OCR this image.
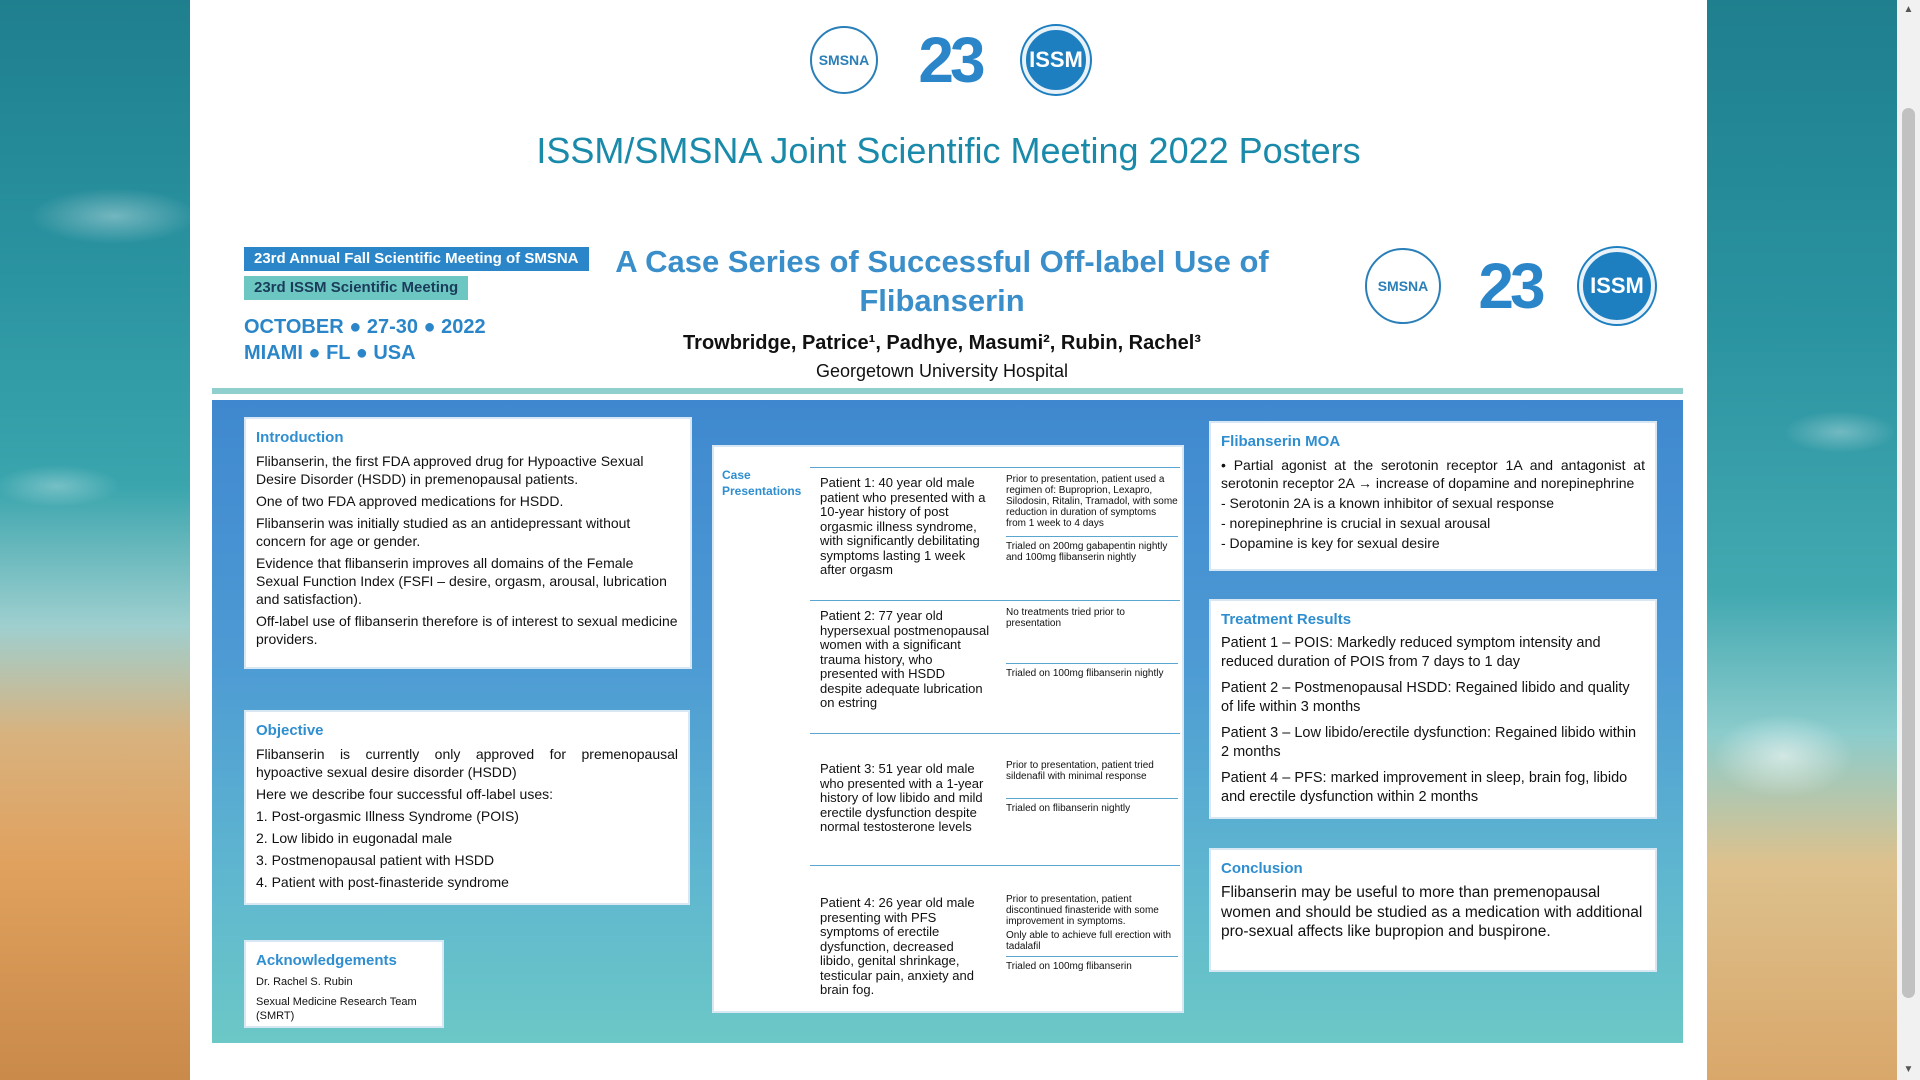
SMSNA 23	ISSM
ISSM/SMSNA Joint Scientific Meeting 2022 Posters
23rd Annual Fall Scientific Meeting of SMSNA
23rd ISSM Scientific Meeting
OCTOBER ● 27-30 ● 2022
MIAMI ● FL ● USA
A Case Series of Successful Off-label Use of Flibanserin
Trowbridge, Patrice¹, Padhye, Masumi², Rubin, Rachel³
Georgetown University Hospital
SMSNA 23	ISSM
Introduction

Flibanserin, the first FDA approved drug for Hypoactive Sexual Desire Disorder (HSDD) in premenopausal patients.

One of two FDA approved medications for HSDD.

Flibanserin was initially studied as an antidepressant without concern for age or gender.

Evidence that flibanserin improves all domains of the Female Sexual Function Index (FSFI – desire, orgasm, arousal, lubrication and satisfaction).

Off-label use of flibanserin therefore is of interest to sexual medicine providers.

Objective

Flibanserin is currently only approved for premenopausal hypoactive sexual desire disorder (HSDD)

Here we describe four successful off-label uses:

1. Post-orgasmic Illness Syndrome (POIS)

2. Low libido in eugonadal male

3. Postmenopausal patient with HSDD

4. Patient with post-finasteride syndrome

Acknowledgements

Dr. Rachel S. Rubin

Sexual Medicine Research Team (SMRT)

Case Presentations
Patient 1: 40 year old male patient who presented with a 10-year history of post orgasmic illness syndrome, with significantly debilitating symptoms lasting 1 week after orgasm
Prior to presentation, patient used a regimen of: Buproprion, Lexapro, Silodosin, Ritalin, Tramadol, with some reduction in duration of symptoms from 1 week to 4 days
Trialed on 200mg gabapentin nightly and 100mg flibanserin nightly
Patient 2: 77 year old hypersexual postmenopausal women with a significant trauma history, who presented with HSDD despite adequate lubrication on estring
No treatments tried prior to presentation
Trialed on 100mg flibanserin nightly
Patient 3: 51 year old male who presented with a 1-year history of low libido and mild erectile dysfunction despite normal testosterone levels
Prior to presentation, patient tried sildenafil with minimal response
Trialed on flibanserin nightly
Patient 4: 26 year old male presenting with PFS symptoms of erectile dysfunction, decreased libido, genital shrinkage, testicular pain, anxiety and brain fog.
Prior to presentation, patient discontinued finasteride with some improvement in symptoms.
Only able to achieve full erection with tadalafil
Trialed on 100mg flibanserin
Flibanserin MOA

• Partial agonist at the serotonin receptor 1A and antagonist at serotonin receptor 2A → increase of dopamine and norepinephrine

- Serotonin 2A is a known inhibitor of sexual response

- norepinephrine is crucial in sexual arousal

- Dopamine is key for sexual desire

Treatment Results

Patient 1 – POIS: Markedly reduced symptom intensity and reduced duration of POIS from 7 days to 1 day

Patient 2 – Postmenopausal HSDD: Regained libido and quality of life within 3 months

Patient 3 – Low libido/erectile dysfunction: Regained libido within 2 months

Patient 4 – PFS: marked improvement in sleep, brain fog, libido and erectile dysfunction within 2 months

Conclusion

Flibanserin may be useful to more than premenopausal women and should be studied as a medication with additional pro-sexual affects like bupropion and buspirone.

▲
▼
